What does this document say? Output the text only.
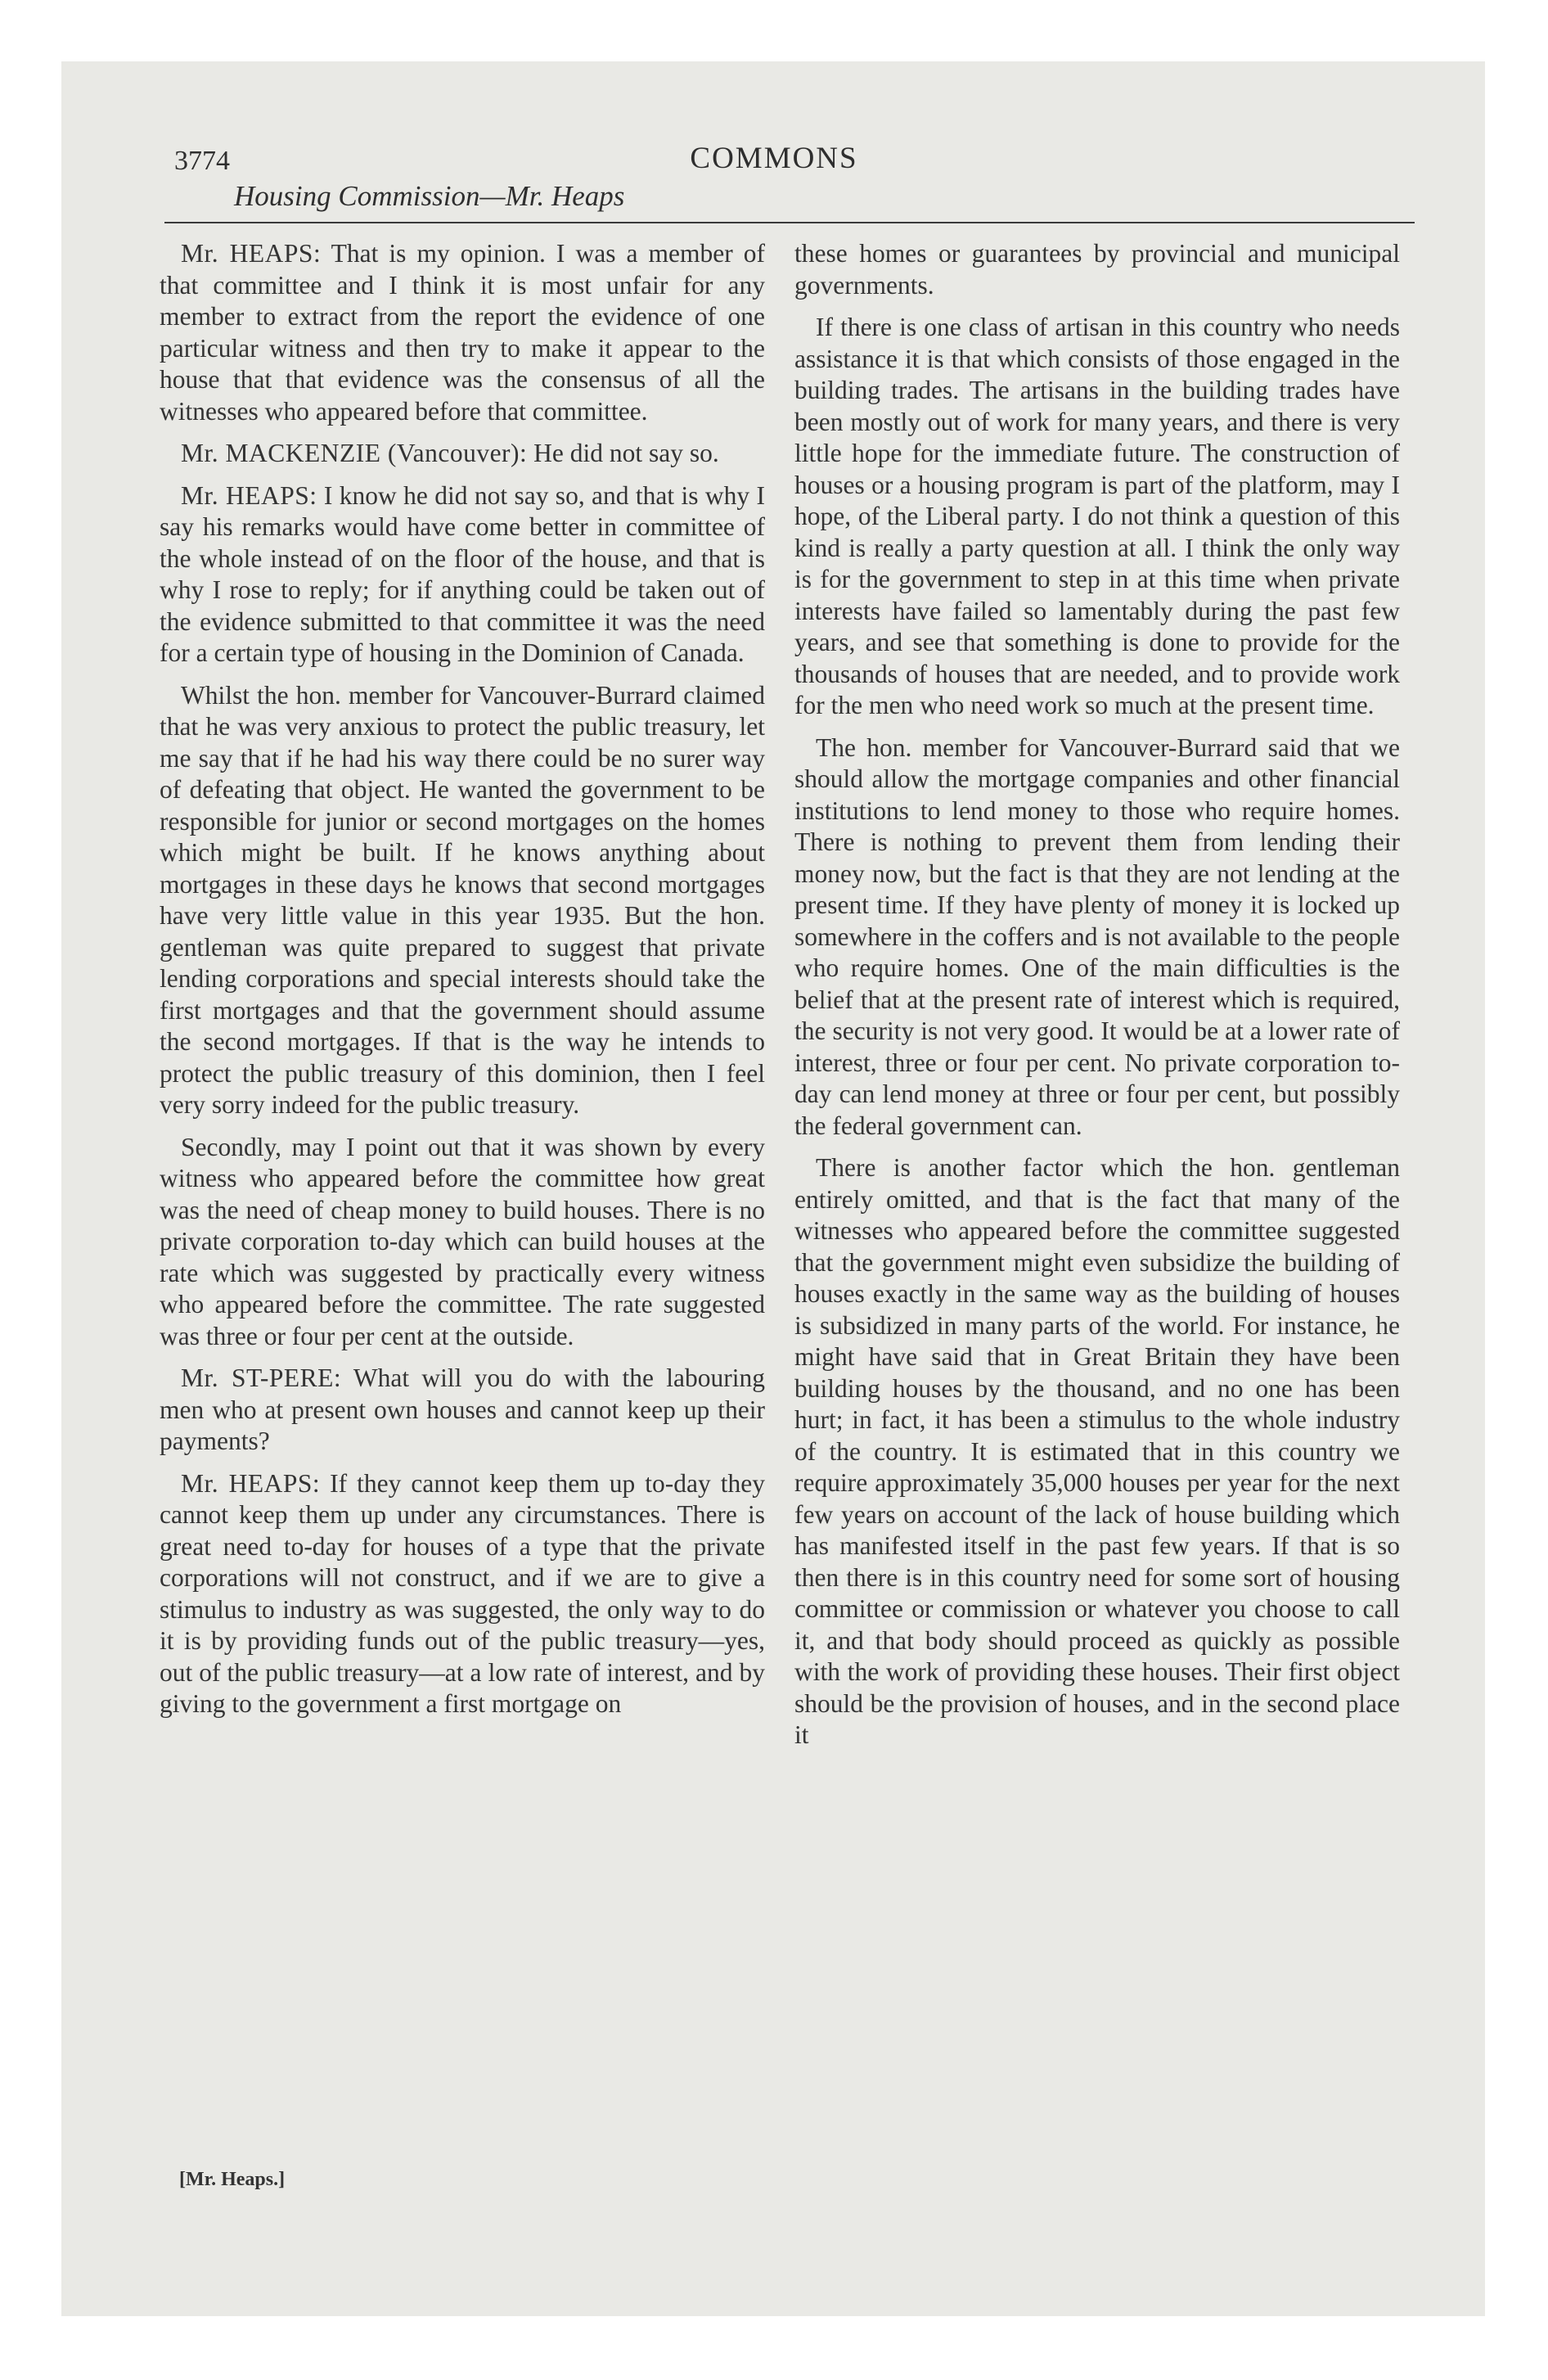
3774	COMMONS
Housing Commission—Mr. Heaps

Mr. HEAPS: That is my opinion. I was a member of that committee and I think it is most unfair for any member to extract from the report the evidence of one particular witness and then try to make it appear to the house that that evidence was the consensus of all the witnesses who appeared before that committee.

Mr. MACKENZIE (Vancouver): He did not say so.

Mr. HEAPS: I know he did not say so, and that is why I say his remarks would have come better in committee of the whole instead of on the floor of the house, and that is why I rose to reply; for if anything could be taken out of the evidence submitted to that committee it was the need for a certain type of housing in the Dominion of Canada.

Whilst the hon. member for Vancouver-Burrard claimed that he was very anxious to protect the public treasury, let me say that if he had his way there could be no surer way of defeating that object. He wanted the government to be responsible for junior or second mortgages on the homes which might be built. If he knows anything about mortgages in these days he knows that second mortgages have very little value in this year 1935. But the hon. gentleman was quite prepared to suggest that private lending corporations and special interests should take the first mortgages and that the government should assume the second mortgages. If that is the way he intends to protect the public treasury of this dominion, then I feel very sorry indeed for the public treasury.

Secondly, may I point out that it was shown by every witness who appeared before the committee how great was the need of cheap money to build houses. There is no private corporation to-day which can build houses at the rate which was suggested by practically every witness who appeared before the committee. The rate suggested was three or four per cent at the outside.

Mr. ST-PERE: What will you do with the labouring men who at present own houses and cannot keep up their payments?

Mr. HEAPS: If they cannot keep them up to-day they cannot keep them up under any circumstances. There is great need to-day for houses of a type that the private corporations will not construct, and if we are to give a stimulus to industry as was suggested, the only way to do it is by providing funds out of the public treasury—yes, out of the public treasury—at a low rate of interest, and by giving to the government a first mortgage on

these homes or guarantees by provincial and municipal governments.

If there is one class of artisan in this country who needs assistance it is that which consists of those engaged in the building trades. The artisans in the building trades have been mostly out of work for many years, and there is very little hope for the immediate future. The construction of houses or a housing program is part of the platform, may I hope, of the Liberal party. I do not think a question of this kind is really a party question at all. I think the only way is for the government to step in at this time when private interests have failed so lamentably during the past few years, and see that something is done to provide for the thousands of houses that are needed, and to provide work for the men who need work so much at the present time.

The hon. member for Vancouver-Burrard said that we should allow the mortgage companies and other financial institutions to lend money to those who require homes. There is nothing to prevent them from lending their money now, but the fact is that they are not lending at the present time. If they have plenty of money it is locked up somewhere in the coffers and is not available to the people who require homes. One of the main difficulties is the belief that at the present rate of interest which is required, the security is not very good. It would be at a lower rate of interest, three or four per cent. No private corporation to-day can lend money at three or four per cent, but possibly the federal government can.

There is another factor which the hon. gentleman entirely omitted, and that is the fact that many of the witnesses who appeared before the committee suggested that the government might even subsidize the building of houses exactly in the same way as the building of houses is subsidized in many parts of the world. For instance, he might have said that in Great Britain they have been building houses by the thousand, and no one has been hurt; in fact, it has been a stimulus to the whole industry of the country. It is estimated that in this country we require approximately 35,000 houses per year for the next few years on account of the lack of house building which has manifested itself in the past few years. If that is so then there is in this country need for some sort of housing committee or commission or whatever you choose to call it, and that body should proceed as quickly as possible with the work of providing these houses. Their first object should be the provision of houses, and in the second place it

[Mr. Heaps.]
